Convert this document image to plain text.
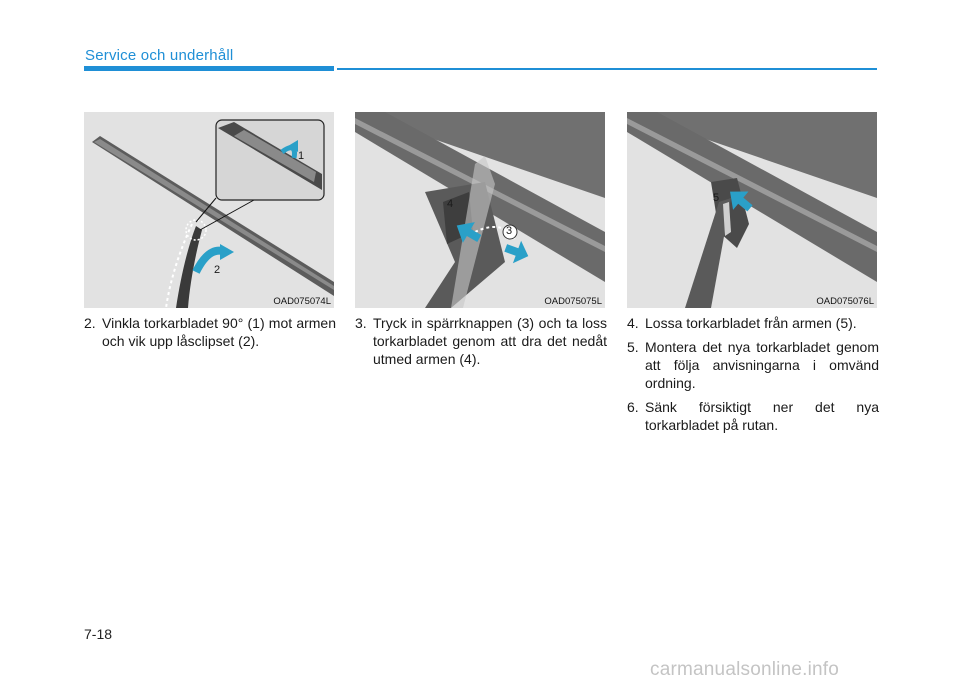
Service och underhåll
1
2
OAD075074L
4
3
OAD075075L
5
OAD075076L
2. Vinkla torkarbladet 90° (1) mot armen och vik upp låsclipset (2).
3. Tryck in spärrknappen (3) och ta loss torkarbladet genom att dra det nedåt utmed armen (4).
4. Lossa torkarbladet från armen (5).
5. Montera det nya torkarbladet genom att följa anvisningarna i omvänd ordning.
6. Sänk försiktigt ner det nya torkarbladet på rutan.
7-18
carmanualsonline.info
